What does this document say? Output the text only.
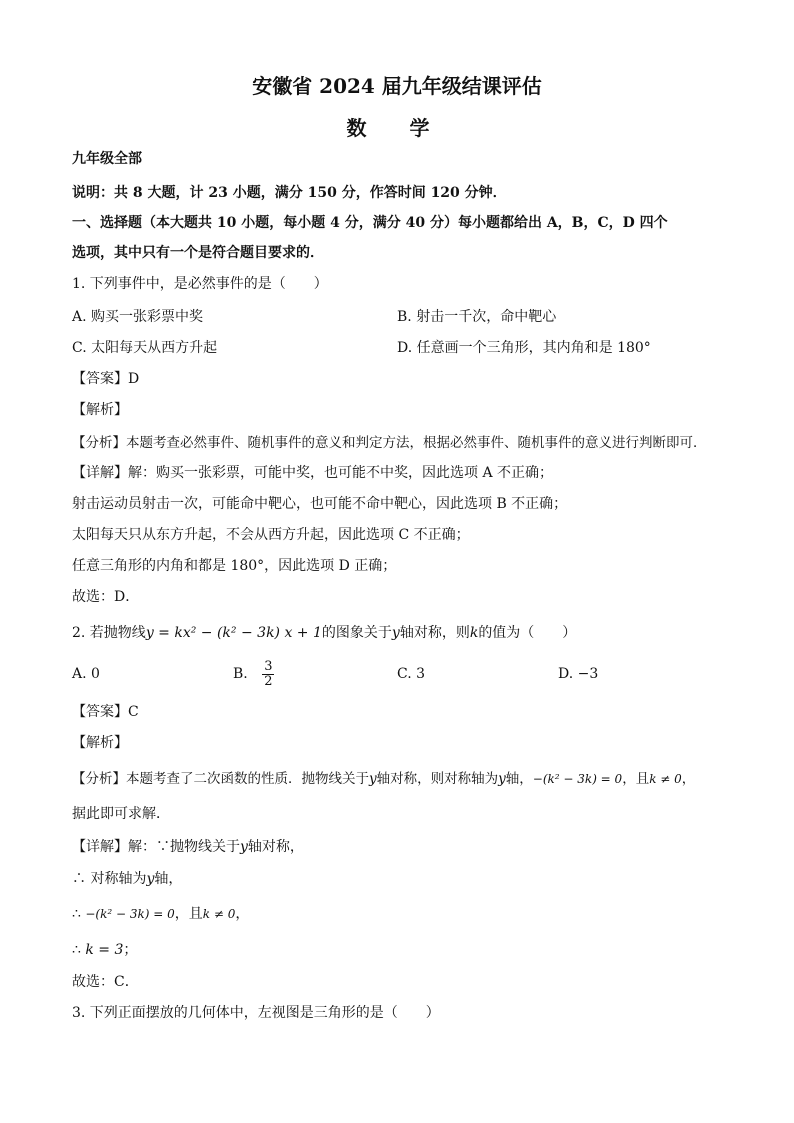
安徽省 2024 届九年级结课评估
数 学
九年级全部
说明：共 8 大题，计 23 小题，满分 150 分，作答时间 120 分钟．
一、选择题（本大题共 10 小题，每小题 4 分，满分 40 分）每小题都给出 A，B，C，D 四个
选项，其中只有一个是符合题目要求的．
1. 下列事件中，是必然事件的是（　　）
A. 购买一张彩票中奖	B. 射击一千次，命中靶心
C. 太阳每天从西方升起	D. 任意画一个三角形，其内角和是 180°
【答案】D
【解析】
【分析】本题考查必然事件、随机事件的意义和判定方法，根据必然事件、随机事件的意义进行判断即可．
【详解】解：购买一张彩票，可能中奖，也可能不中奖，因此选项 A 不正确；
射击运动员射击一次，可能命中靶心，也可能不命中靶心，因此选项 B 不正确；
太阳每天只从东方升起，不会从西方升起，因此选项 C 不正确；
任意三角形的内角和都是 180°，因此选项 D 正确；
故选：D．
2. 若抛物线y = kx² − (k² − 3k) x + 1的图象关于y轴对称，则k的值为（　　）
A. 0	B. $\frac{3}{2}$	C. 3	D. −3
【答案】C
【解析】
【分析】本题考查了二次函数的性质．抛物线关于y轴对称，则对称轴为y轴，−(k² − 3k) = 0，且k ≠ 0，
据此即可求解．
【详解】解：∵抛物线关于y轴对称，
∴ 对称轴为y轴，
∴ −(k² − 3k) = 0，且k ≠ 0，
∴ k = 3；
故选：C．
3. 下列正面摆放的几何体中，左视图是三角形的是（　　）
